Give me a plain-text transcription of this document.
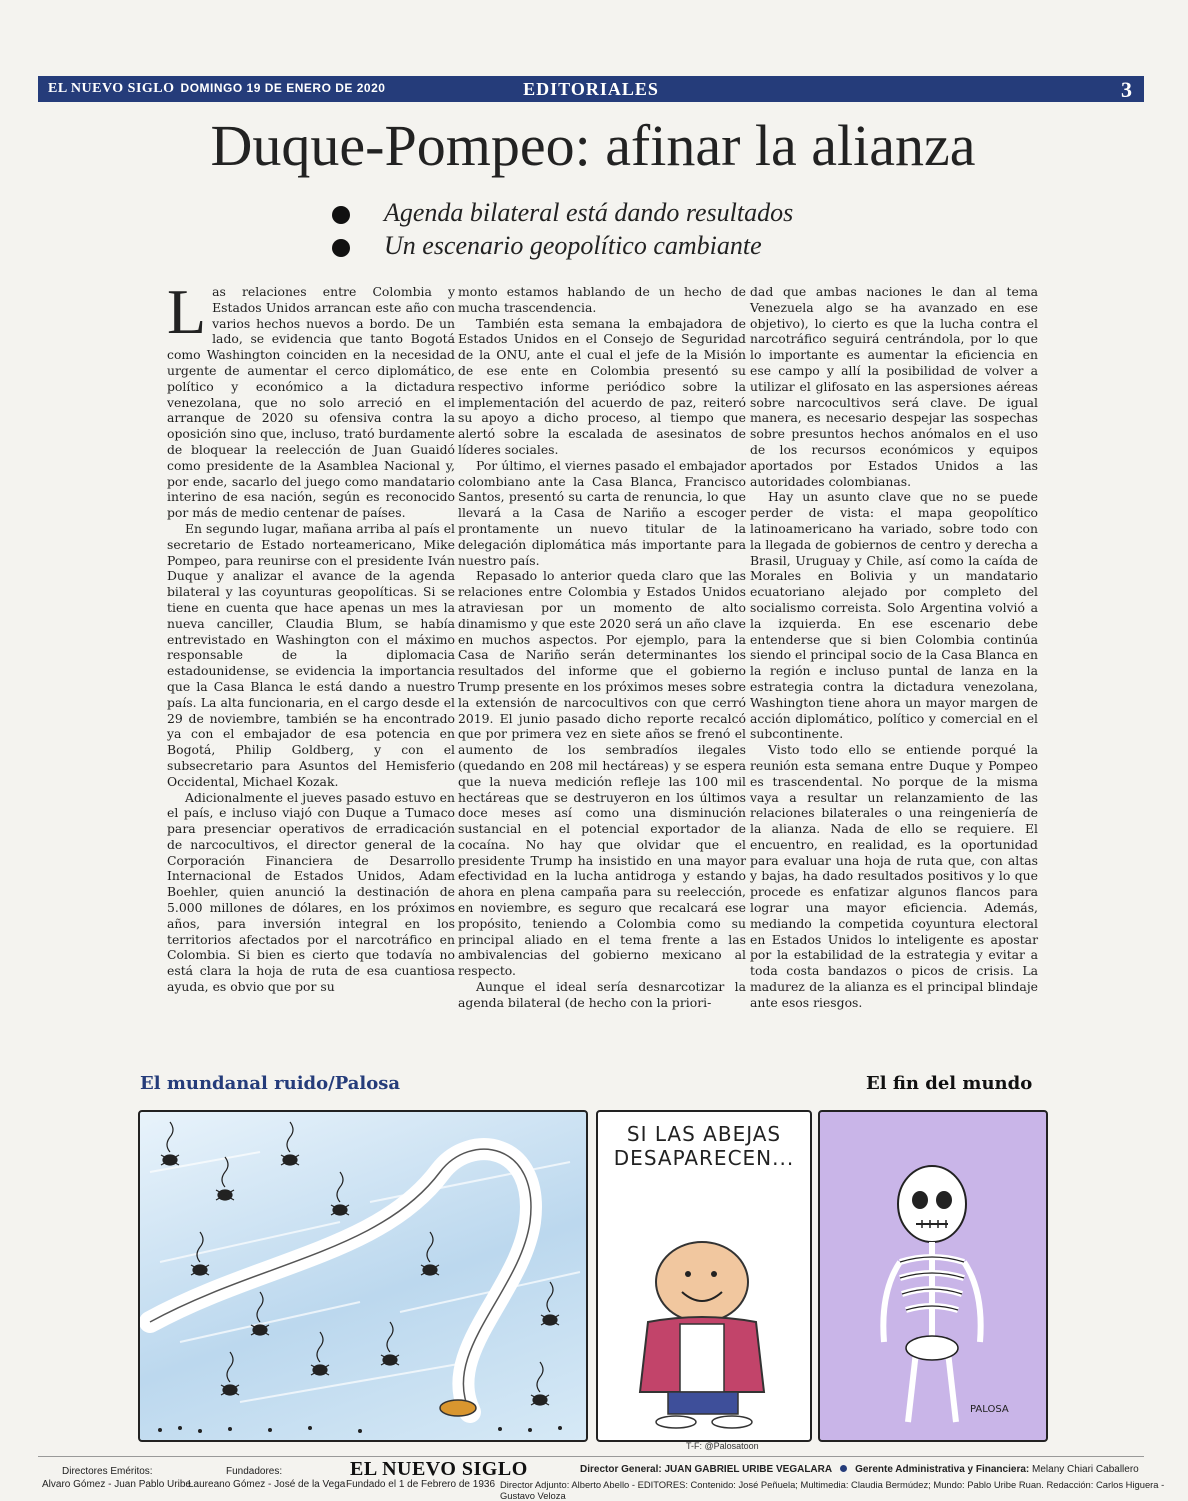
EL NUEVO SIGLO DOMINGO 19 DE ENERO DE 2020	EDITORIALES	3
Duque-Pompeo: afinar la alianza
Agenda bilateral está dando resultados
Un escenario geopolítico cambiante

Las relaciones entre Colombia y Estados Unidos arrancan este año con varios hechos nuevos a bordo. De un lado, se evidencia que tanto Bogotá como Washington coinciden en la necesidad urgente de aumentar el cerco diplomático, político y económico a la dictadura venezolana, que no solo arreció en el arranque de 2020 su ofensiva contra la oposición sino que, incluso, trató burdamente de bloquear la reelección de Juan Guaidó como presidente de la Asamblea Nacional y, por ende, sacarlo del juego como mandatario interino de esa nación, según es reconocido por más de medio centenar de países.

En segundo lugar, mañana arriba al país el secretario de Estado norteamericano, Mike Pompeo, para reunirse con el presidente Iván Duque y analizar el avance de la agenda bilateral y las coyunturas geopolíticas. Si se tiene en cuenta que hace apenas un mes la nueva canciller, Claudia Blum, se había entrevistado en Washington con el máximo responsable de la diplomacia estadounidense, se evidencia la importancia que la Casa Blanca le está dando a nuestro país. La alta funcionaria, en el cargo desde el 29 de noviembre, también se ha encontrado ya con el embajador de esa potencia en Bogotá, Philip Goldberg, y con el subsecretario para Asuntos del Hemisferio Occidental, Michael Kozak.

Adicionalmente el jueves pasado estuvo en el país, e incluso viajó con Duque a Tumaco para presenciar operativos de erradicación de narcocultivos, el director general de la Corporación Financiera de Desarrollo Internacional de Estados Unidos, Adam Boehler, quien anunció la destinación de 5.000 millones de dólares, en los próximos años, para inversión integral en los territorios afectados por el narcotráfico en Colombia. Si bien es cierto que todavía no está clara la hoja de ruta de esa cuantiosa ayuda, es obvio que por su

monto estamos hablando de un hecho de mucha trascendencia.

También esta semana la embajadora de Estados Unidos en el Consejo de Seguridad de la ONU, ante el cual el jefe de la Misión de ese ente en Colombia presentó su respectivo informe periódico sobre la implementación del acuerdo de paz, reiteró su apoyo a dicho proceso, al tiempo que alertó sobre la escalada de asesinatos de líderes sociales.

Por último, el viernes pasado el embajador colombiano ante la Casa Blanca, Francisco Santos, presentó su carta de renuncia, lo que llevará a la Casa de Nariño a escoger prontamente un nuevo titular de la delegación diplomática más importante para nuestro país.

Repasado lo anterior queda claro que las relaciones entre Colombia y Estados Unidos atraviesan por un momento de alto dinamismo y que este 2020 será un año clave en muchos aspectos. Por ejemplo, para la Casa de Nariño serán determinantes los resultados del informe que el gobierno Trump presente en los próximos meses sobre la extensión de narcocultivos con que cerró 2019. El junio pasado dicho reporte recalcó que por primera vez en siete años se frenó el aumento de los sembradíos ilegales (quedando en 208 mil hectáreas) y se espera que la nueva medición refleje las 100 mil hectáreas que se destruyeron en los últimos doce meses así como una disminución sustancial en el potencial exportador de cocaína. No hay que olvidar que el presidente Trump ha insistido en una mayor efectividad en la lucha antidroga y estando ahora en plena campaña para su reelección, en noviembre, es seguro que recalcará ese propósito, teniendo a Colombia como su principal aliado en el tema frente a las ambivalencias del gobierno mexicano al respecto.

Aunque el ideal sería desnarcotizar la agenda bilateral (de hecho con la priori-

dad que ambas naciones le dan al tema Venezuela algo se ha avanzado en ese objetivo), lo cierto es que la lucha contra el narcotráfico seguirá centrándola, por lo que lo importante es aumentar la eficiencia en ese campo y allí la posibilidad de volver a utilizar el glifosato en las aspersiones aéreas sobre narcocultivos será clave. De igual manera, es necesario despejar las sospechas sobre presuntos hechos anómalos en el uso de los recursos económicos y equipos aportados por Estados Unidos a las autoridades colombianas.

Hay un asunto clave que no se puede perder de vista: el mapa geopolítico latinoamericano ha variado, sobre todo con la llegada de gobiernos de centro y derecha a Brasil, Uruguay y Chile, así como la caída de Morales en Bolivia y un mandatario ecuatoriano alejado por completo del socialismo correista. Solo Argentina volvió a la izquierda. En ese escenario debe entenderse que si bien Colombia continúa siendo el principal socio de la Casa Blanca en la región e incluso puntal de lanza en la estrategia contra la dictadura venezolana, Washington tiene ahora un mayor margen de acción diplomático, político y comercial en el subcontinente.

Visto todo ello se entiende porqué la reunión esta semana entre Duque y Pompeo es trascendental. No porque de la misma vaya a resultar un relanzamiento de las relaciones bilaterales o una reingeniería de la alianza. Nada de ello se requiere. El encuentro, en realidad, es la oportunidad para evaluar una hoja de ruta que, con altas y bajas, ha dado resultados positivos y lo que procede es enfatizar algunos flancos para lograr una mayor eficiencia. Además, mediando la competida coyuntura electoral en Estados Unidos lo inteligente es apostar por la estabilidad de la estrategia y evitar a toda costa bandazos o picos de crisis. La madurez de la alianza es el principal blindaje ante esos riesgos.

El mundanal ruido/Palosa	El fin del mundo
SI LAS ABEJAS DESAPARECEN...
PALOSA
T-F: @Palosatoon
Directores Eméritos:
Alvaro Gómez - Juan Pablo Uribe
Fundadores:
Laureano Gómez - José de la Vega
EL NUEVO SIGLO
Fundado el 1 de Febrero de 1936
Director General: JUAN GABRIEL URIBE VEGALARA Gerente Administrativa y Financiera: Melany Chiari Caballero
Director Adjunto: Alberto Abello - EDITORES: Contenido: José Peñuela; Multimedia: Claudia Bermúdez; Mundo: Pablo Uribe Ruan. Redacción: Carlos Higuera - Gustavo Veloza
